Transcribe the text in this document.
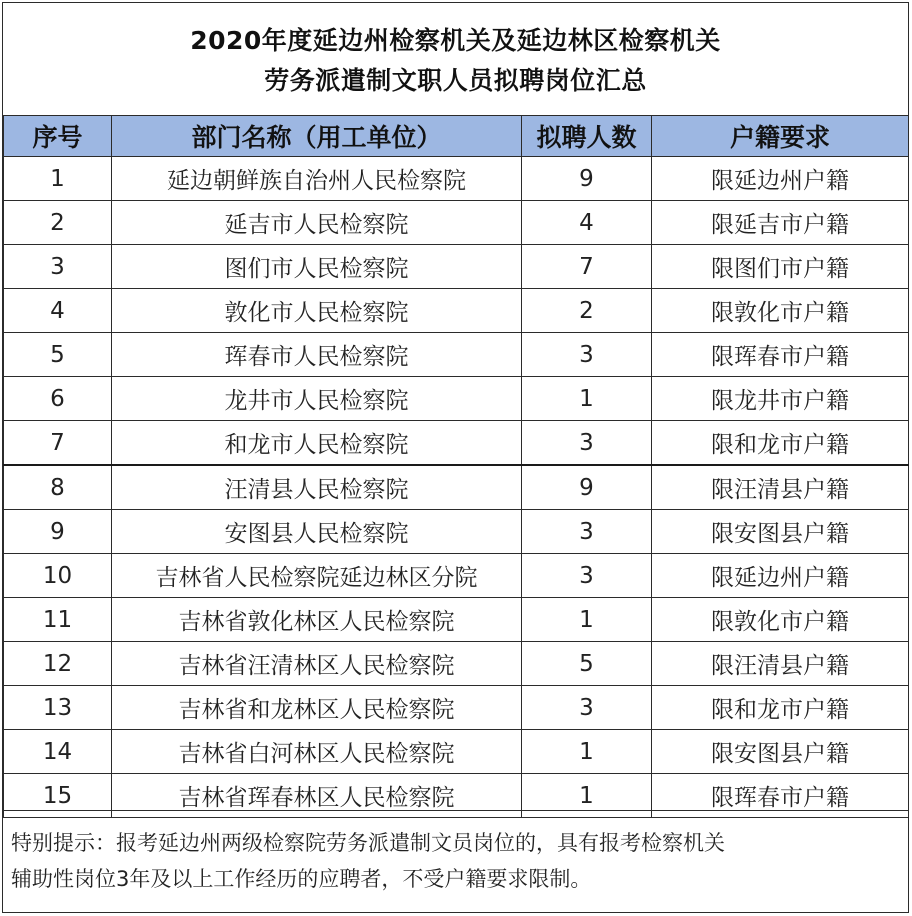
2020年度延边州检察机关及延边林区检察机关
劳务派遣制文职人员拟聘岗位汇总
序号	部门名称（用工单位）	拟聘人数	户籍要求
1	延边朝鲜族自治州人民检察院	9	限延边州户籍
2	延吉市人民检察院	4	限延吉市户籍
3	图们市人民检察院	7	限图们市户籍
4	敦化市人民检察院	2	限敦化市户籍
5	珲春市人民检察院	3	限珲春市户籍
6	龙井市人民检察院	1	限龙井市户籍
7	和龙市人民检察院	3	限和龙市户籍
8	汪清县人民检察院	9	限汪清县户籍
9	安图县人民检察院	3	限安图县户籍
10	吉林省人民检察院延边林区分院	3	限延边州户籍
11	吉林省敦化林区人民检察院	1	限敦化市户籍
12	吉林省汪清林区人民检察院	5	限汪清县户籍
13	吉林省和龙林区人民检察院	3	限和龙市户籍
14	吉林省白河林区人民检察院	1	限安图县户籍
15	吉林省珲春林区人民检察院	1	限珲春市户籍
特别提示：报考延边州两级检察院劳务派遣制文员岗位的，具有报考检察机关
辅助性岗位3年及以上工作经历的应聘者，不受户籍要求限制。
